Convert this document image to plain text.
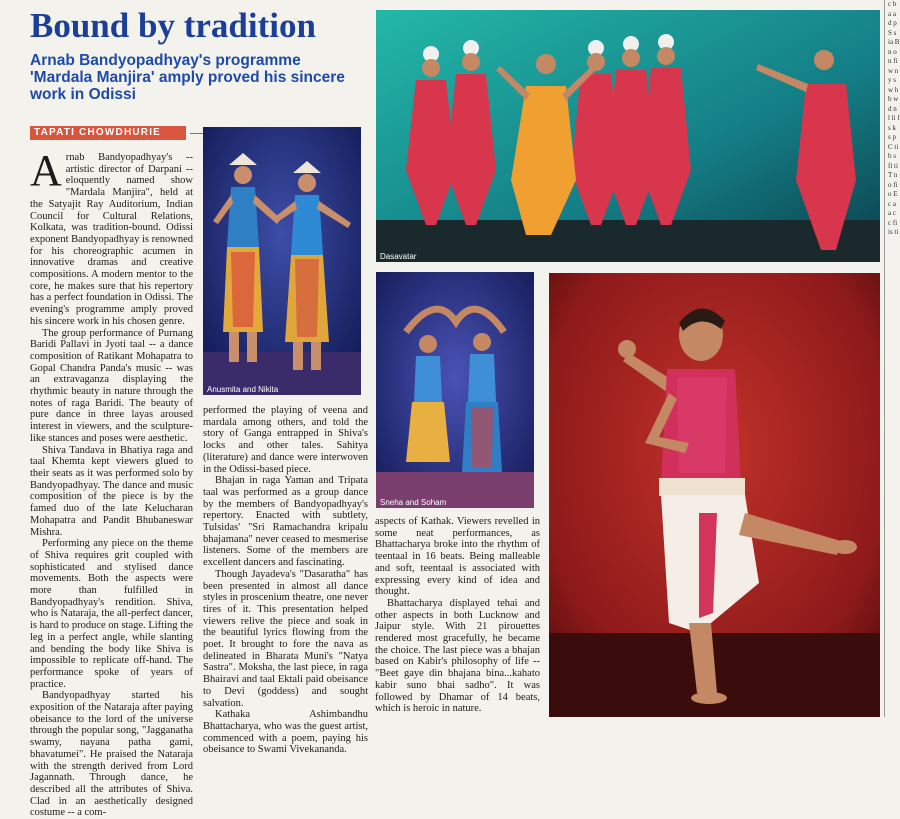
Bound by tradition
Arnab Bandyopadhyay's programme 'Mardala Manjira' amply proved his sincere work in Odissi
TAPATI CHOWDHURIE

Arnab Bandyopadhyay's -- artistic director of Darpani -- eloquently named show "Mardala Manjira", held at the Satyajit Ray Auditorium, Indian Council for Cultural Relations, Kolkata, was tradition-bound. Odissi exponent Bandyopadhyay is renowned for his choreographic acumen in innovative dramas and creative compositions. A modern mentor to the core, he makes sure that his repertory has a perfect foundation in Odissi. The evening's programme amply proved his sincere work in his chosen genre.

The group performance of Purnang Baridi Pallavi in Jyoti taal -- a dance composition of Ratikant Mohapatra to Gopal Chandra Panda's music -- was an extravaganza displaying the rhythmic beauty in nature through the notes of raga Baridi. The beauty of pure dance in three layas aroused interest in viewers, and the sculpture-like stances and poses were aesthetic.

Shiva Tandava in Bhatiya raga and taal Khemta kept viewers glued to their seats as it was performed solo by Bandyopadhyay. The dance and music composition of the piece is by the famed duo of the late Kelucharan Mohapatra and Pandit Bhubaneswar Mishra.

Performing any piece on the theme of Shiva requires grit coupled with sophisticated and stylised dance movements. Both the aspects were more than fulfilled in Bandyopadhyay's rendition. Shiva, who is Nataraja, the all-perfect dancer, is hard to produce on stage. Lifting the leg in a perfect angle, while slanting and bending the body like Shiva is impossible to replicate off-hand. The performance spoke of years of practice.

Bandyopadhyay started his exposition of the Nataraja after paying obeisance to the lord of the universe through the popular song, "Jagganatha swamy, nayana patha gami, bhavatumei". He praised the Nataraja with the strength derived from Lord Jagannath. Through dance, he described all the attributes of Shiva. Clad in an aesthetically designed costume -- a com-

performed the playing of veena and mardala among others, and told the story of Ganga entrapped in Shiva's locks and other tales. Sahitya (literature) and dance were interwoven in the Odissi-based piece.

Bhajan in raga Yaman and Tripata taal was performed as a group dance by the members of Bandyopadhyay's repertory. Enacted with subtlety, Tulsidas' "Sri Ramachandra kripalu bhajamana" never ceased to mesmerise listeners. Some of the members are excellent dancers and fascinating.

Though Jayadeva's "Dasaratha" has been presented in almost all dance styles in proscenium theatre, one never tires of it. This presentation helped viewers relive the piece and soak in the beautiful lyrics flowing from the poet. It brought to fore the nava as delineated in Bharata Muni's "Natya Sastra". Moksha, the last piece, in raga Bhairavi and taal Ektali paid obeisance to Devi (goddess) and sought salvation.

Kathaka Ashimbandhu Bhattacharya, who was the guest artist, commenced with a poem, paying his obeisance to Swami Vivekananda.

aspects of Kathak. Viewers revelled in some neat performances, as Bhattacharya broke into the rhythm of teentaal in 16 beats. Being malleable and soft, teentaal is associated with expressing every kind of idea and thought.

Bhattacharya displayed tehai and other aspects in both Lucknow and Jaipur style. With 21 pirouettes rendered most gracefully, he became the choice. The last piece was a bhajan based on Kabir's philosophy of life -- "Beet gaye din bhajana bina...kahato kabir suno bhai sadho". It was followed by Dhamar of 14 beats, which is heroic in nature.

Anusmita and Nikita
Dasavatar
Sneha and Soham
c b a a d p S s ia B n o n fi w n y s w h b w d n l li f s k s p C ti b s fi ti T n o fi o E c a a c c fi is ti
